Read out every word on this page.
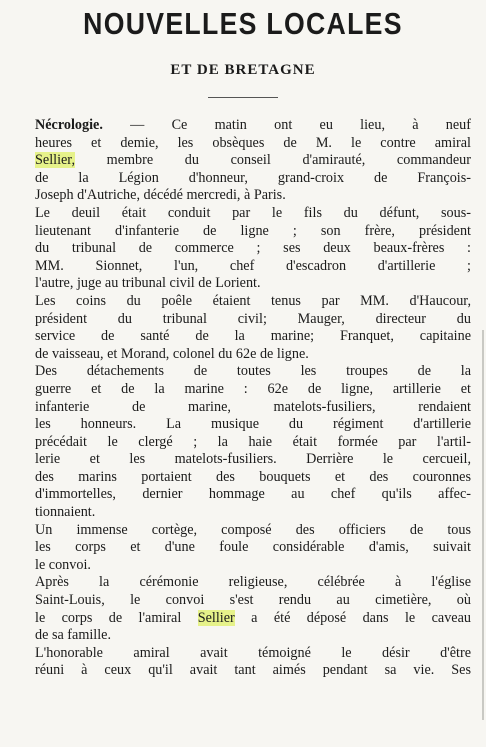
NOUVELLES LOCALES
ET DE BRETAGNE

Nécrologie. — Ce matin ont eu lieu, à neuf
heures et demie, les obsèques de M. le contre amiral
Sellier, membre du conseil d'amirauté, commandeur
de la Légion d'honneur, grand-croix de François-
Joseph d'Autriche, décédé mercredi, à Paris.

Le deuil était conduit par le fils du défunt, sous-
lieutenant d'infanterie de ligne ; son frère, président
du tribunal de commerce ; ses deux beaux-frères :
MM. Sionnet, l'un, chef d'escadron d'artillerie ;
l'autre, juge au tribunal civil de Lorient.

Les coins du poêle étaient tenus par MM. d'Haucour,
président du tribunal civil; Mauger, directeur du
service de santé de la marine; Franquet, capitaine
de vaisseau, et Morand, colonel du 62e de ligne.

Des détachements de toutes les troupes de la
guerre et de la marine : 62e de ligne, artillerie et
infanterie de marine, matelots-fusiliers, rendaient
les honneurs. La musique du régiment d'artillerie
précédait le clergé ; la haie était formée par l'artil-
lerie et les matelots-fusiliers. Derrière le cercueil,
des marins portaient des bouquets et des couronnes
d'immortelles, dernier hommage au chef qu'ils affec-
tionnaient.

Un immense cortège, composé des officiers de tous
les corps et d'une foule considérable d'amis, suivait
le convoi.

Après la cérémonie religieuse, célébrée à l'église
Saint-Louis, le convoi s'est rendu au cimetière, où
le corps de l'amiral Sellier a été déposé dans le caveau
de sa famille.

L'honorable amiral avait témoigné le désir d'être
réuni à ceux qu'il avait tant aimés pendant sa vie. Ses
